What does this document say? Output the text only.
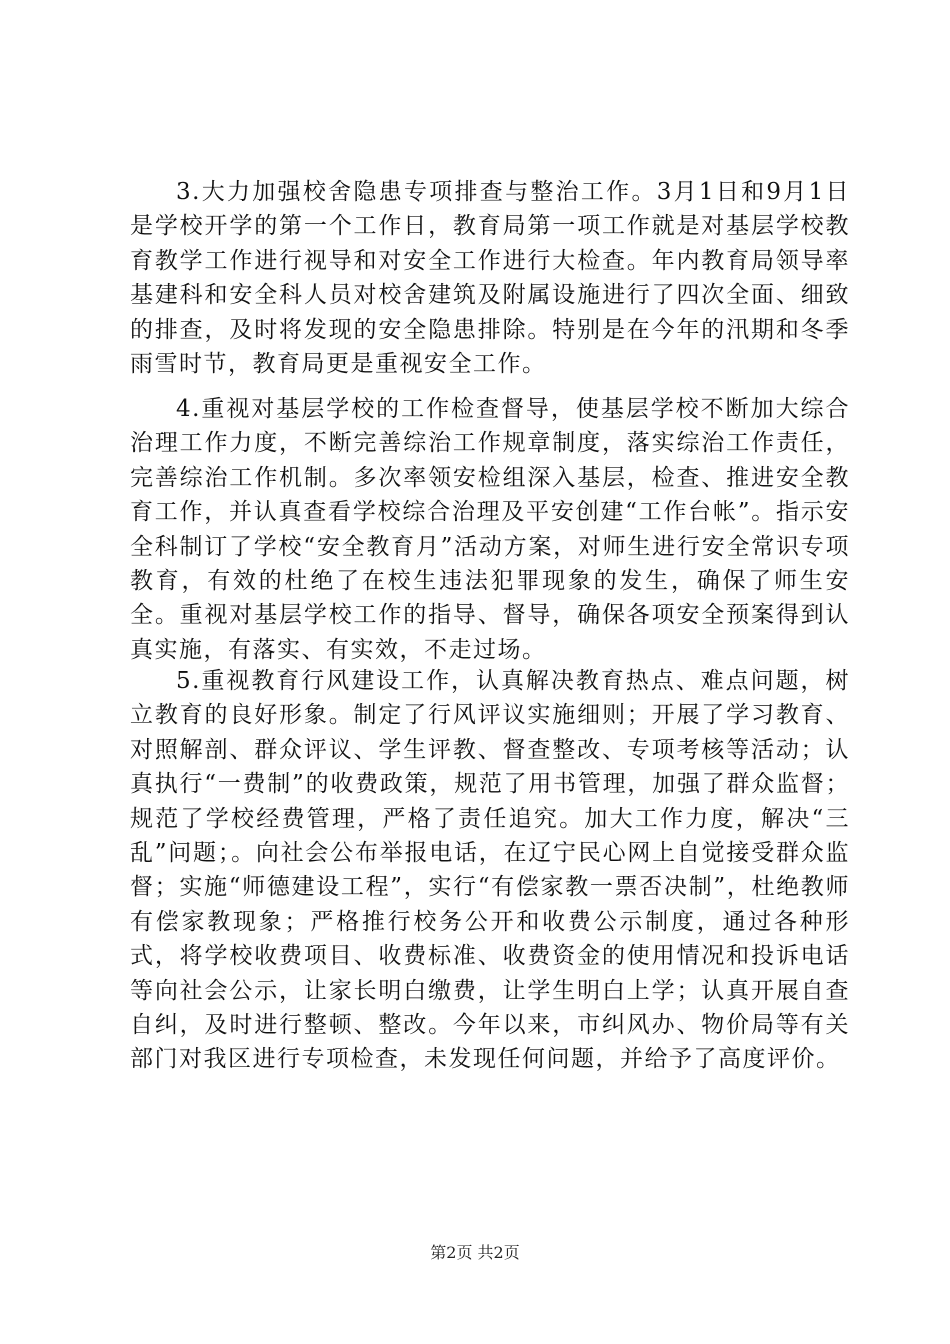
3.大力加强校舍隐患专项排查与整治工作。3月1日和9月1日是学校开学的第一个工作日，教育局第一项工作就是对基层学校教育教学工作进行视导和对安全工作进行大检查。年内教育局领导率基建科和安全科人员对校舍建筑及附属设施进行了四次全面、细致的排查，及时将发现的安全隐患排除。特别是在今年的汛期和冬季雨雪时节，教育局更是重视安全工作。

4.重视对基层学校的工作检查督导，使基层学校不断加大综合治理工作力度，不断完善综治工作规章制度，落实综治工作责任，完善综治工作机制。多次率领安检组深入基层，检查、推进安全教育工作，并认真查看学校综合治理及平安创建“工作台帐”。指示安全科制订了学校“安全教育月”活动方案，对师生进行安全常识专项教育，有效的杜绝了在校生违法犯罪现象的发生，确保了师生安全。重视对基层学校工作的指导、督导，确保各项安全预案得到认真实施，有落实、有实效，不走过场。

5.重视教育行风建设工作，认真解决教育热点、难点问题，树立教育的良好形象。制定了行风评议实施细则；开展了学习教育、对照解剖、群众评议、学生评教、督查整改、专项考核等活动；认真执行“一费制”的收费政策，规范了用书管理，加强了群众监督；规范了学校经费管理，严格了责任追究。加大工作力度，解决“三乱”问题；。向社会公布举报电话，在辽宁民心网上自觉接受群众监督；实施“师德建设工程”，实行“有偿家教一票否决制”，杜绝教师有偿家教现象；严格推行校务公开和收费公示制度，通过各种形式，将学校收费项目、收费标准、收费资金的使用情况和投诉电话等向社会公示，让家长明白缴费，让学生明白上学；认真开展自查自纠，及时进行整顿、整改。今年以来，市纠风办、物价局等有关部门对我区进行专项检查，未发现任何问题，并给予了高度评价。

第2页 共2页
